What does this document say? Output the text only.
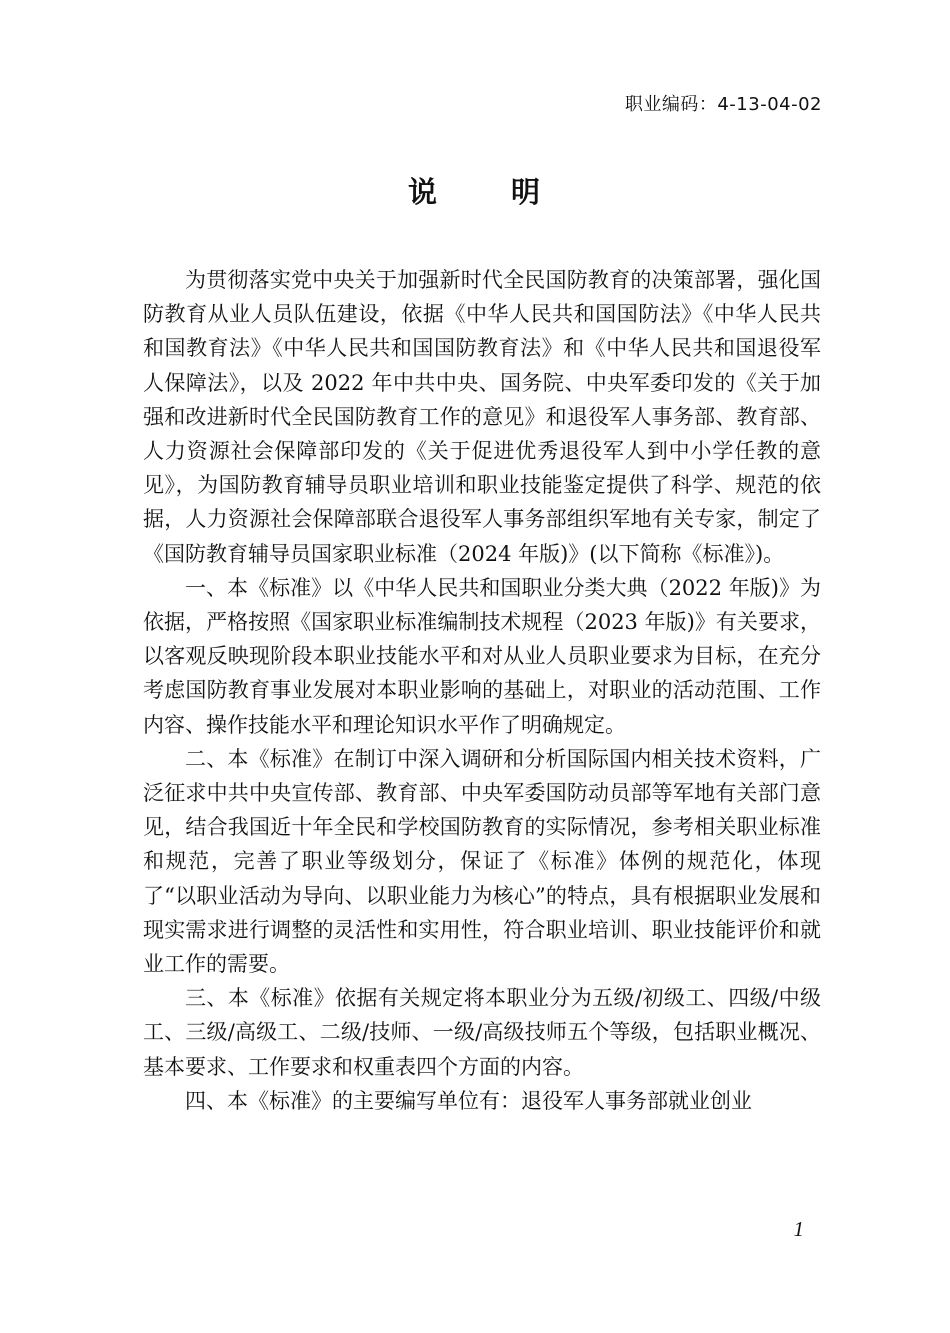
职业编码：4-13-04-02
说 明

为贯彻落实党中央关于加强新时代全民国防教育的决策部署，强化国防教育从业人员队伍建设，依据《中华人民共和国国防法》《中华人民共和国教育法》《中华人民共和国国防教育法》和《中华人民共和国退役军人保障法》，以及 2022 年中共中央、国务院、中央军委印发的《关于加强和改进新时代全民国防教育工作的意见》和退役军人事务部、教育部、人力资源社会保障部印发的《关于促进优秀退役军人到中小学任教的意见》，为国防教育辅导员职业培训和职业技能鉴定提供了科学、规范的依据，人力资源社会保障部联合退役军人事务部组织军地有关专家，制定了《国防教育辅导员国家职业标准（2024 年版)》(以下简称《标准》)。

一、本《标准》以《中华人民共和国职业分类大典（2022 年版)》为依据，严格按照《国家职业标准编制技术规程（2023 年版)》有关要求，以客观反映现阶段本职业技能水平和对从业人员职业要求为目标，在充分考虑国防教育事业发展对本职业影响的基础上，对职业的活动范围、工作内容、操作技能水平和理论知识水平作了明确规定。

二、本《标准》在制订中深入调研和分析国际国内相关技术资料，广泛征求中共中央宣传部、教育部、中央军委国防动员部等军地有关部门意见，结合我国近十年全民和学校国防教育的实际情况，参考相关职业标准和规范，完善了职业等级划分，保证了《标准》体例的规范化，体现了“以职业活动为导向、以职业能力为核心”的特点，具有根据职业发展和现实需求进行调整的灵活性和实用性，符合职业培训、职业技能评价和就业工作的需要。

三、本《标准》依据有关规定将本职业分为五级/初级工、四级/中级工、三级/高级工、二级/技师、一级/高级技师五个等级，包括职业概况、基本要求、工作要求和权重表四个方面的内容。

四、本《标准》的主要编写单位有：退役军人事务部就业创业

1
